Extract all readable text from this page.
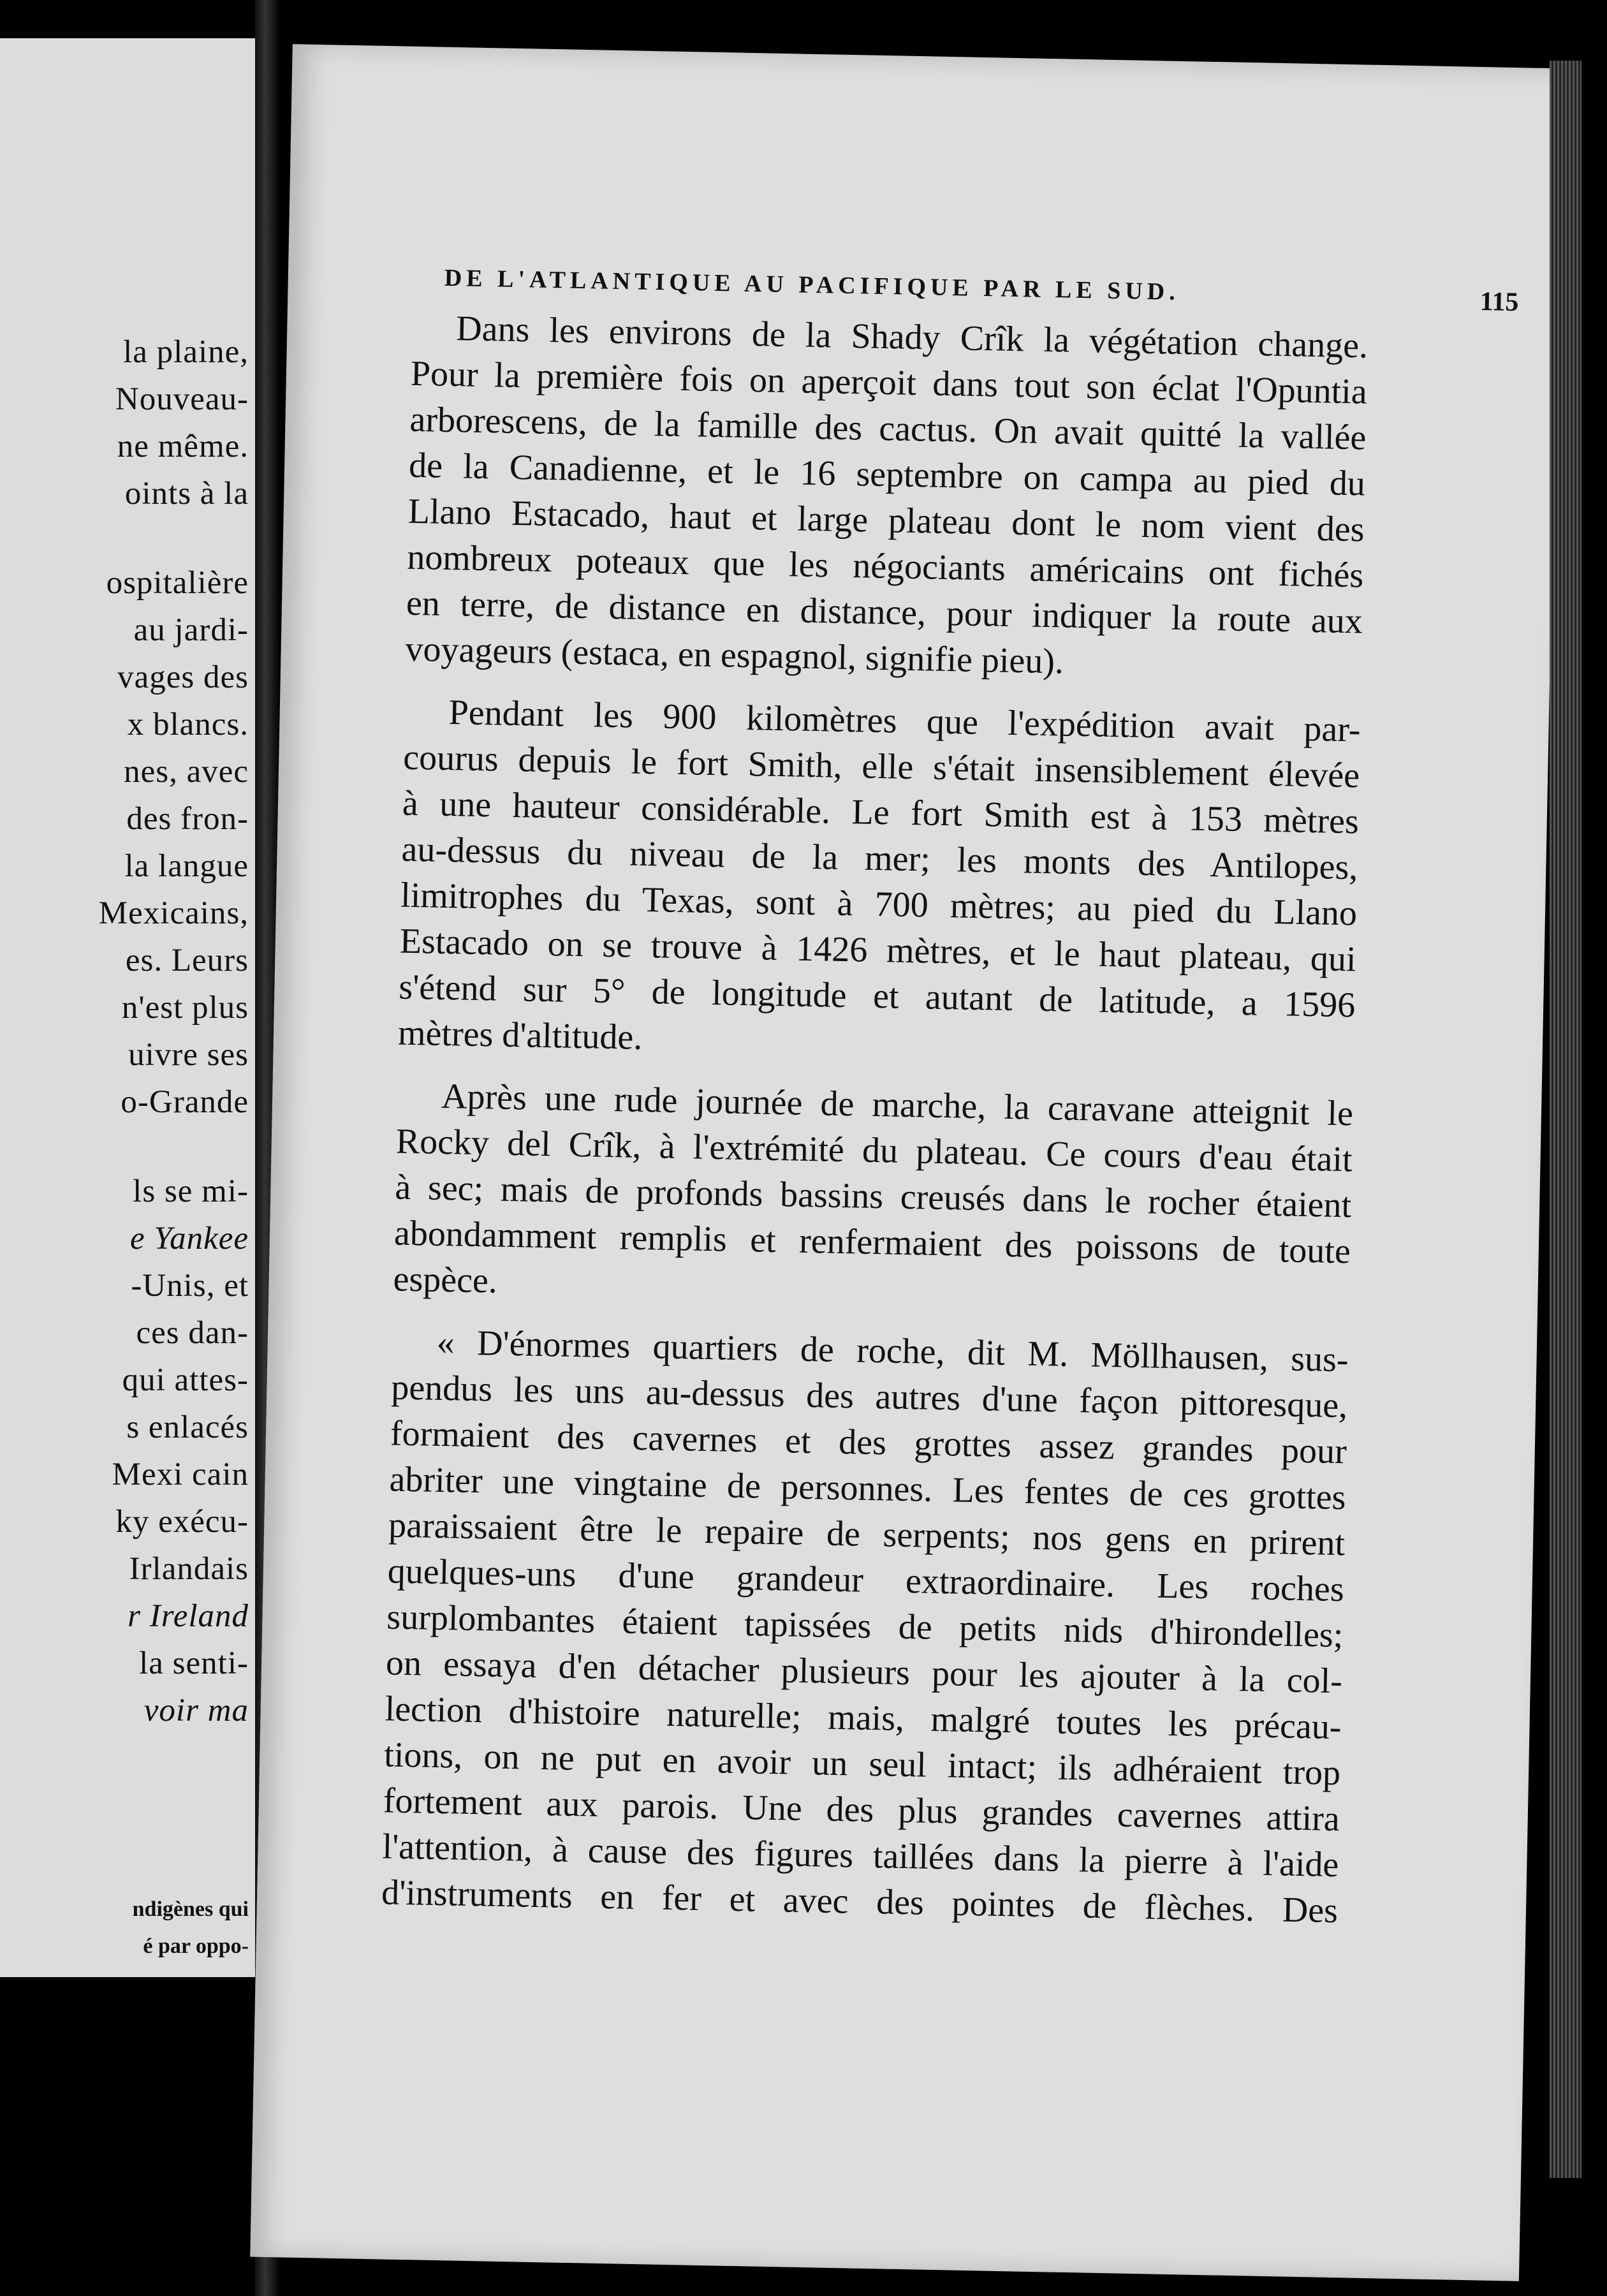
la plaine,
Nouveau-
ne même.
oints à la
ospitalière
au jardi-
vages des
x blancs.
nes, avec
des fron-
la langue
Mexicains,
es. Leurs
n'est plus
uivre ses
o-Grande
ls se mi-
e Yankee
-Unis, et
ces dan-
qui attes-
s enlacés
Mexi cain
ky exécu-
Irlandais
r Ireland
la senti-
voir ma
ndigènes qui
é par oppo-
DE L'ATLANTIQUE AU PACIFIQUE PAR LE SUD.	115
Dans les environs de la Shady Crîk la végétation change.
Pour la première fois on aperçoit dans tout son éclat l'Opuntia
arborescens, de la famille des cactus. On avait quitté la vallée
de la Canadienne, et le 16 septembre on campa au pied du
Llano Estacado, haut et large plateau dont le nom vient des
nombreux poteaux que les négociants américains ont fichés
en terre, de distance en distance, pour indiquer la route aux
voyageurs (estaca, en espagnol, signifie pieu).
Pendant les 900 kilomètres que l'expédition avait par-
courus depuis le fort Smith, elle s'était insensiblement élevée
à une hauteur considérable. Le fort Smith est à 153 mètres
au-dessus du niveau de la mer; les monts des Antilopes,
limitrophes du Texas, sont à 700 mètres; au pied du Llano
Estacado on se trouve à 1426 mètres, et le haut plateau, qui
s'étend sur 5° de longitude et autant de latitude, a 1596
mètres d'altitude.
Après une rude journée de marche, la caravane atteignit le
Rocky del Crîk, à l'extrémité du plateau. Ce cours d'eau était
à sec; mais de profonds bassins creusés dans le rocher étaient
abondamment remplis et renfermaient des poissons de toute
espèce.
« D'énormes quartiers de roche, dit M. Möllhausen, sus-
pendus les uns au-dessus des autres d'une façon pittoresque,
formaient des cavernes et des grottes assez grandes pour
abriter une vingtaine de personnes. Les fentes de ces grottes
paraissaient être le repaire de serpents; nos gens en prirent
quelques-uns d'une grandeur extraordinaire. Les roches
surplombantes étaient tapissées de petits nids d'hirondelles;
on essaya d'en détacher plusieurs pour les ajouter à la col-
lection d'histoire naturelle; mais, malgré toutes les précau-
tions, on ne put en avoir un seul intact; ils adhéraient trop
fortement aux parois. Une des plus grandes cavernes attira
l'attention, à cause des figures taillées dans la pierre à l'aide
d'instruments en fer et avec des pointes de flèches. Des
